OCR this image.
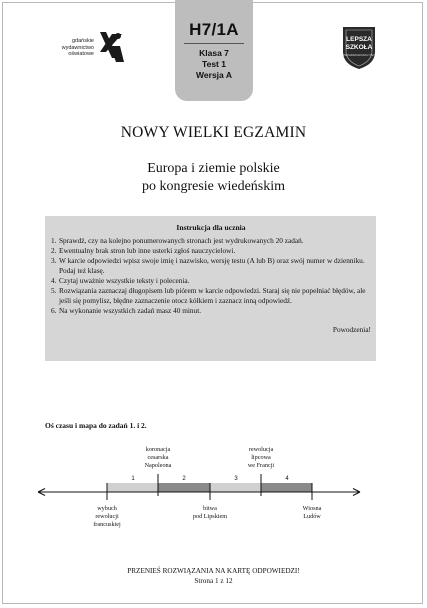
gdańskie
wydawnictwo
oświatowe
H7/1A
Klasa 7
Test 1
Wersja A
LEPSZA
SZKOŁA
PROGRAM EDUKACYJNY
NOWY WIELKI EGZAMIN
Europa i ziemie polskie
po kongresie wiedeńskim
Instrukcja dla ucznia
1. Sprawdź, czy na kolejno ponumerowanych stronach jest wydrukowanych 20 zadań.
2. Ewentualny brak stron lub inne usterki zgłoś nauczycielowi.
3. W karcie odpowiedzi wpisz swoje imię i nazwisko, wersję testu (A lub B) oraz swój numer w dzienniku. Podaj też klasę.
4. Czytaj uważnie wszystkie teksty i polecenia.
5. Rozwiązania zaznaczaj długopisem lub piórem w karcie odpowiedzi. Staraj się nie popełniać błędów, ale jeśli się pomylisz, błędne zaznaczenie otocz kółkiem i zaznacz inną odpowiedź.
6. Na wykonanie wszystkich zadań masz 40 minut.
Powodzenia!
Oś czasu i mapa do zadań 1. i 2.
1	2	3	4
koronacja
cesarska
Napoleona
rewolucja
lipcowa
we Francji
wybuch
rewolucji
francuskiej
bitwa
pod Lipskiem
Wiosna
Ludów
PRZENIEŚ ROZWIĄZANIA NA KARTĘ ODPOWIEDZI!
Strona 1 z 12
